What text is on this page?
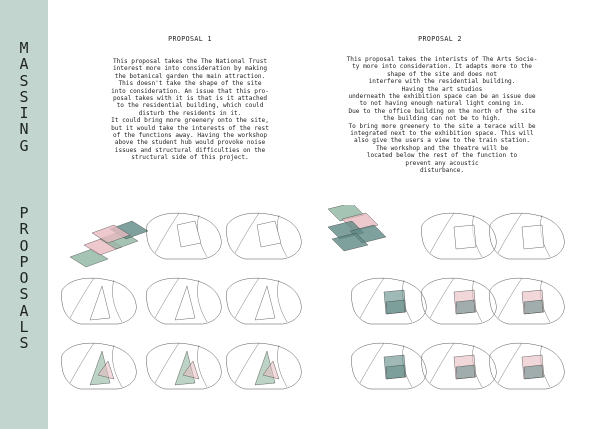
M
A
S
S
I
N
G
P
R
O
P
O
S
A
L
S
PROPOSAL 1
This proposal takes the The National Trust
interest more into consideration by making
the botanical garden the main attraction.
This doesn't take the shape of the site
into consideration. An issue that this pro-
posal takes with it is that is it attached
to the residential building, which could
disturb the residents in it.
It could bring more greenery onto the site,
but it would take the interests of the rest
of the functions away. Having the workshop
above the student hub would provoke noise
issues and structural difficulties on the
structural side of this project.
PROPOSAL 2
This proposal takes the interists of The Arts Socie-
ty more into consideration. It adapts more to the
shape of the site and does not
interfere with the residential building.
Having the art studios
underneath the exhibition space can be an issue due
to not having enough natural light coming in.
Due to the office building on the north of the site
the building can not be to high.
To bring more greenery to the site a terace will be
integrated next to the exhibition space. This will
also give the users a view to the train station.
The workshop and the theatre will be
located below the rest of the function to
prevent any acoustic
disturbance.
